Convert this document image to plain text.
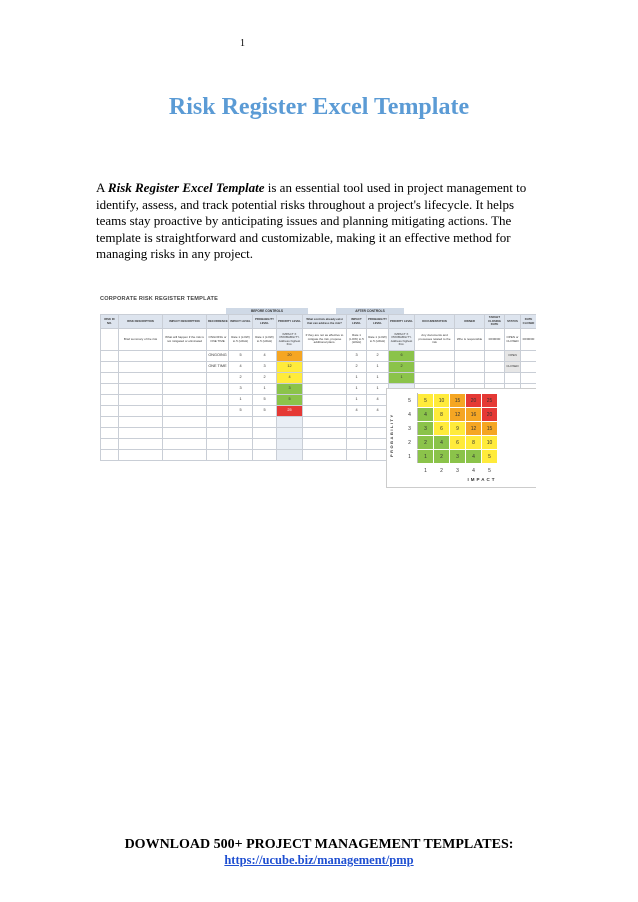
1
Risk Register Excel Template

A Risk Register Excel Template is an essential tool used in project management to identify, assess, and track potential risks throughout a project's lifecycle. It helps teams stay proactive by anticipating issues and planning mitigating actions. The template is straightforward and customizable, making it an effective method for managing risks in any project.

CORPORATE RISK REGISTER TEMPLATE
BEFORE CONTROLS	AFTER CONTROLS
RISK ID NO.	RISK DESCRIPTION	IMPACT DESCRIPTION	RECURRENCE	IMPACT LEVEL	PROBABILITY LEVEL	PRIORITY LEVEL	What controls already exist that can address the risk?	IMPACT LEVEL	PROBABILITY LEVEL	PRIORITY LEVEL	DOCUMENTATION	OWNER	TARGET CLOSING DATE	STATUS	DATE CLOSED
	Brief summary of the risk	What will happen if the risk is not mitigated or eliminated	ONGOING or ONE TIME	Rate 1 (LOW) to 5 (HIGH)	Rate 1 (LOW) to 5 (HIGH)	IMPACT X PROBABILITY. Address highest first.	If they are not as effective to mitigate the risk, propose additional plans.	Rate 1 (LOW) to 5 (HIGH)	Rate 1 (LOW) to 5 (HIGH)	IMPACT X PROBABILITY. Address highest first.	Any documents and processes related to the risk	Who is responsible	00/00/00	OPEN or CLOSED	00/00/00
			ONGOING	5	4	20		3	2	6				OPEN	
			ONE TIME	4	3	12		2	1	2				CLOSED	
				2	2	4		1	1	1					
				3	1	3		1	1						
				1	5	5		1	4						
				5	5	25		4	4						

PROBABILITY
5	5	10	15	20	25
4	4	8	12	16	20
3	3	6	9	12	15
2	2	4	6	8	10
1	1	2	3	4	5
	1	2	3	4	5
IMPACT
DOWNLOAD 500+ PROJECT MANAGEMENT TEMPLATES:
https://ucube.biz/management/pmp
